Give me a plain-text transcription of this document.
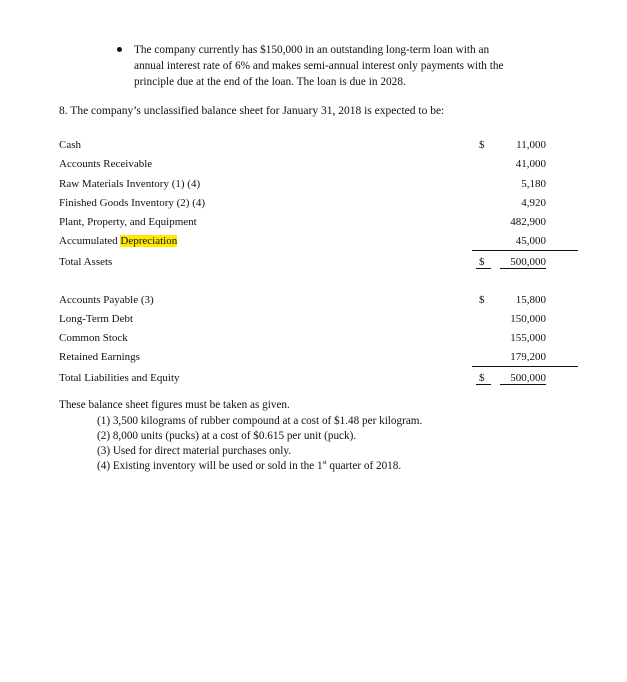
The company currently has $150,000 in an outstanding long-term loan with an
annual interest rate of 6% and makes semi-annual interest only payments with the
principle due at the end of the loan. The loan is due in 2028.
8. The company’s unclassified balance sheet for January 31, 2018 is expected to be:
Cash	$	11,000
Accounts Receivable	41,000
Raw Materials Inventory (1) (4)	5,180
Finished Goods Inventory (2) (4)	4,920
Plant, Property, and Equipment	482,900
Accumulated Depreciation	45,000
Total Assets	$	500,000
Accounts Payable (3)	$	15,800
Long-Term Debt	150,000
Common Stock	155,000
Retained Earnings	179,200
Total Liabilities and Equity	$	500,000
These balance sheet figures must be taken as given.
(1) 3,500 kilograms of rubber compound at a cost of $1.48 per kilogram.
(2) 8,000 units (pucks) at a cost of $0.615 per unit (puck).
(3) Used for direct material purchases only.
(4) Existing inventory will be used or sold in the 1st quarter of 2018.
